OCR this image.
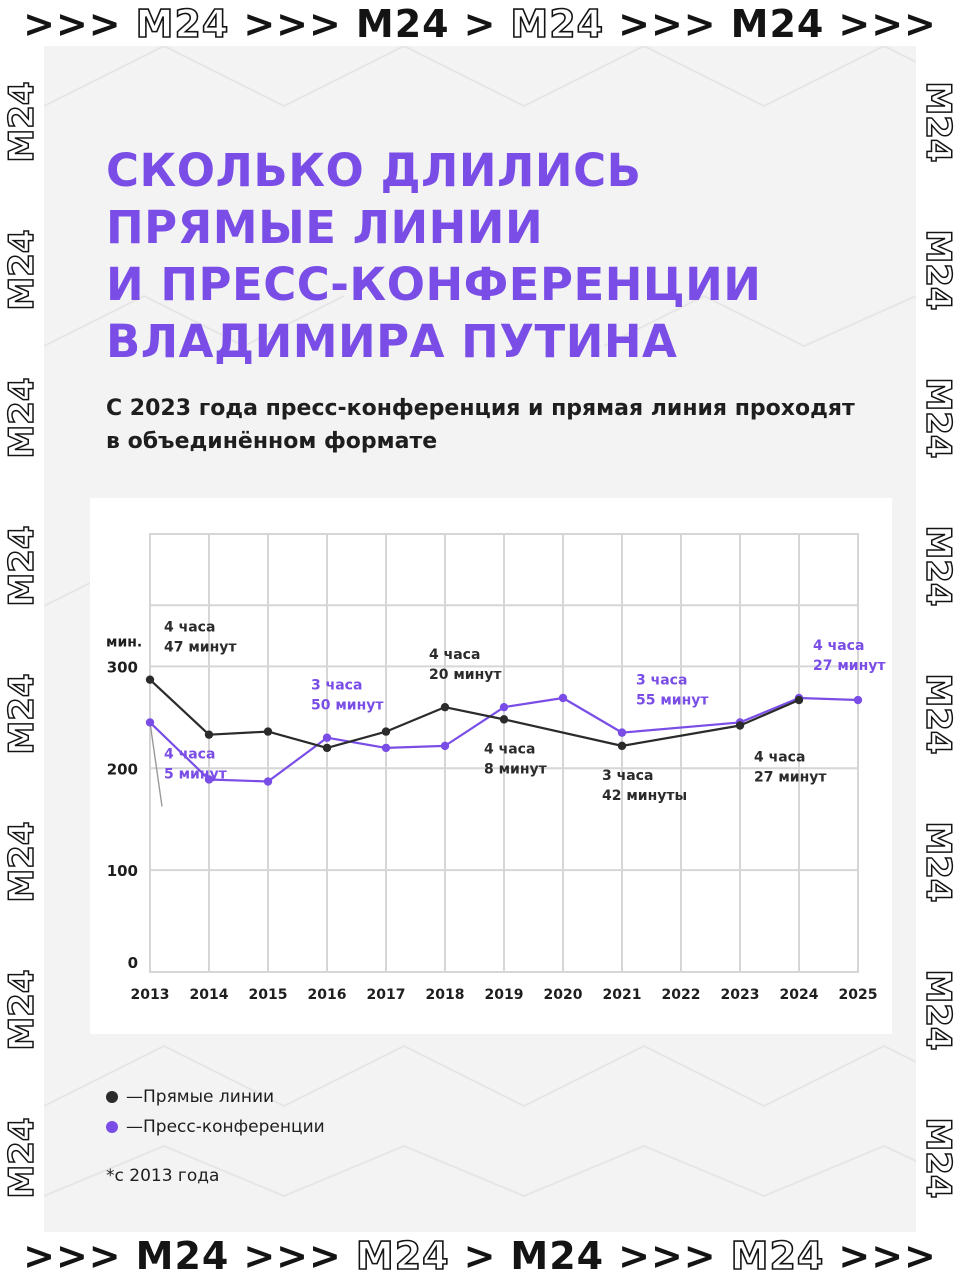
>>> M24 >>> M24 > M24 >>> M24 >>>
M24
M24
M24
M24
M24
M24
M24
M24	M24
M24
M24
M24
M24
M24
M24
M24
>>> M24 >>> M24 > M24 >>> M24 >>>
СКОЛЬКО ДЛИЛИСЬ
ПРЯМЫЕ ЛИНИИ
И ПРЕСС-КОНФЕРЕНЦИИ
ВЛАДИМИРА ПУТИНА
С 2023 года пресс-конференция и прямая линия проходят в объединённом формате
0
100
200
300
мин.
2013 2014 2015 2016 2017 2018 2019 2020 2021 2022 2023 2024 2025
4 часа
47 минут
4 часа
5 минут
3 часа
50 минут
4 часа
20 минут
4 часа
8 минут	3 часа
42 минуты
3 часа
55 минут
4 часа
27 минут
4 часа
27 минут
— Прямые линии
— Пресс-конференции
*с 2013 года
